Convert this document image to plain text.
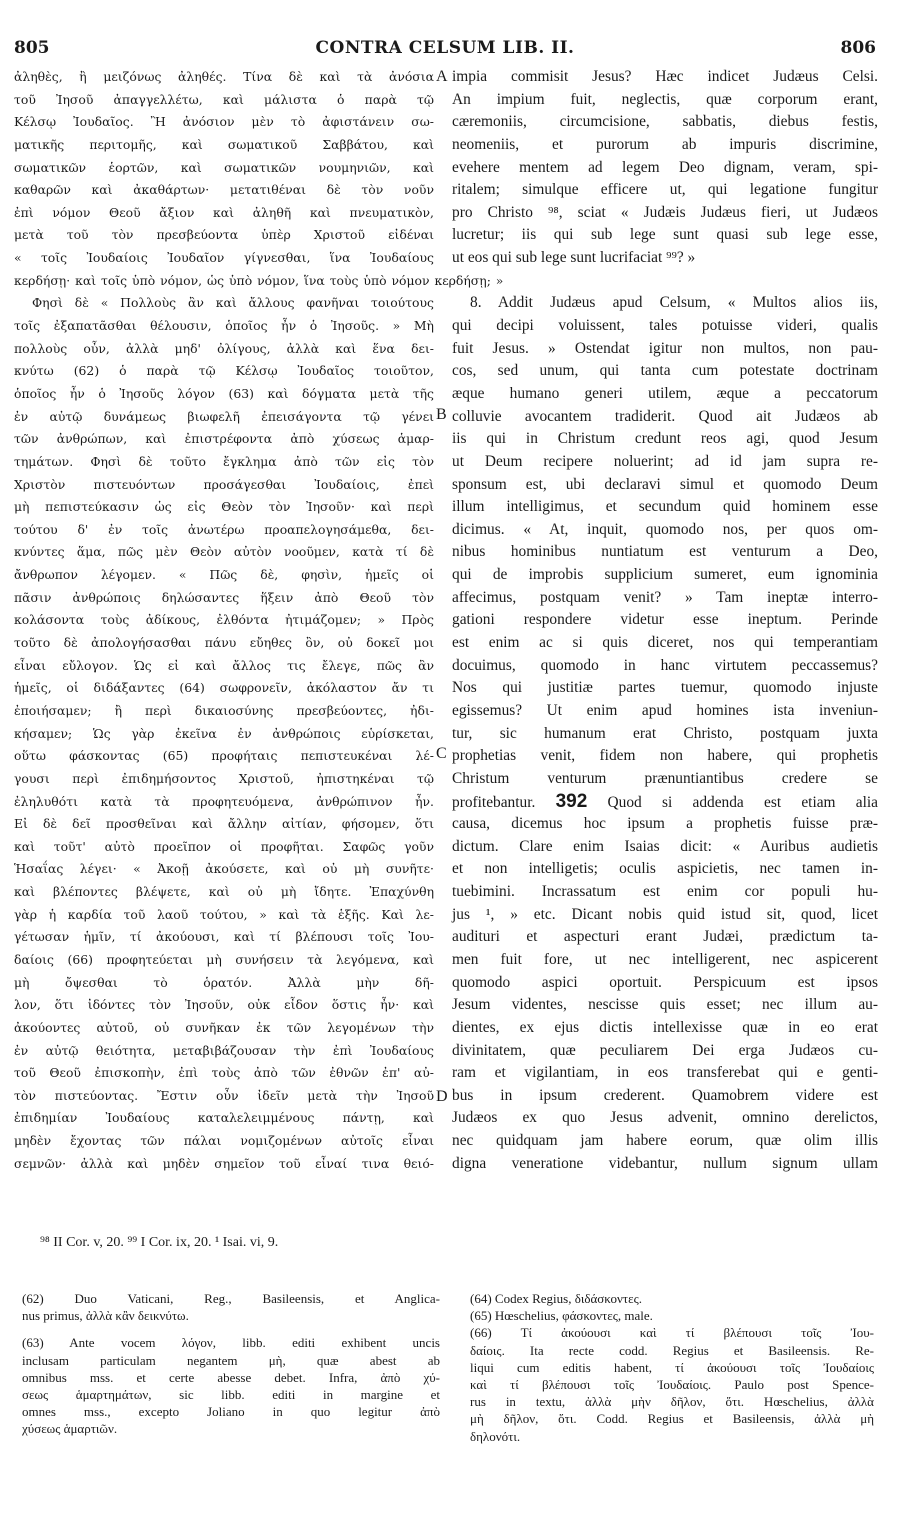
805	CONTRA CELSUM LIB. II.	806
ἀληθὲς, ἢ μειζόνως ἀληθές. Τίνα δὲ καὶ τὰ ἀνόσια
τοῦ Ἰησοῦ ἀπαγγελλέτω, καὶ μάλιστα ὁ παρὰ τῷ
Κέλσῳ Ἰουδαῖος. Ἢ ἀνόσιον μὲν τὸ ἀφιστάνειν σω-
ματικῆς περιτομῆς, καὶ σωματικοῦ Σαββάτου, καὶ
σωματικῶν ἑορτῶν, καὶ σωματικῶν νουμηνιῶν, καὶ
καθαρῶν καὶ ἀκαθάρτων· μετατιθέναι δὲ τὸν νοῦν
ἐπὶ νόμον Θεοῦ ἄξιον καὶ ἀληθῆ καὶ πνευματικὸν,
μετὰ τοῦ τὸν πρεσβεύοντα ὑπὲρ Χριστοῦ εἰδέναι
« τοῖς Ἰουδαίοις Ἰουδαῖον γίγνεσθαι, ἵνα Ἰουδαίους
κερδήσῃ· καὶ τοῖς ὑπὸ νόμον, ὡς ὑπὸ νόμον, ἵνα τοὺς ὑπὸ νόμον κερδήσῃ; »
Φησὶ δὲ « Πολλοὺς ἂν καὶ ἄλλους φανῆναι τοιούτους
τοῖς ἐξαπατᾶσθαι θέλουσιν, ὁποῖος ἦν ὁ Ἰησοῦς. » Μὴ
πολλοὺς οὖν, ἀλλὰ μηδ' ὀλίγους, ἀλλὰ καὶ ἕνα δει-
κνύτω (62) ὁ παρὰ τῷ Κέλσῳ Ἰουδαῖος τοιοῦτον,
ὁποῖος ἦν ὁ Ἰησοῦς λόγον (63) καὶ δόγματα μετὰ τῆς
ἐν αὐτῷ δυνάμεως βιωφελῆ ἐπεισάγοντα τῷ γένει
τῶν ἀνθρώπων, καὶ ἐπιστρέφοντα ἀπὸ χύσεως ἁμαρ-
τημάτων. Φησὶ δὲ τοῦτο ἔγκλημα ἀπὸ τῶν εἰς τὸν
Χριστὸν πιστευόντων προσάγεσθαι Ἰουδαίοις, ἐπεὶ
μὴ πεπιστεύκασιν ὡς εἰς Θεὸν τὸν Ἰησοῦν· καὶ περὶ
τούτου δ' ἐν τοῖς ἀνωτέρω προαπελογησάμεθα, δει-
κνύντες ἅμα, πῶς μὲν Θεὸν αὐτὸν νοοῦμεν, κατὰ τί δὲ
ἄνθρωπον λέγομεν. « Πῶς δὲ, φησὶν, ἡμεῖς οἱ
πᾶσιν ἀνθρώποις δηλώσαντες ἥξειν ἀπὸ Θεοῦ τὸν
κολάσοντα τοὺς ἀδίκους, ἐλθόντα ἠτιμάζομεν; » Πρὸς
τοῦτο δὲ ἀπολογήσασθαι πάνυ εὔηθες ὂν, οὐ δοκεῖ μοι
εἶναι εὔλογον. Ὡς εἰ καὶ ἄλλος τις ἔλεγε, πῶς ἂν
ἡμεῖς, οἱ διδάξαντες (64) σωφρονεῖν, ἀκόλαστον ἄν τι
ἐποιήσαμεν; ἢ περὶ δικαιοσύνης πρεσβεύοντες, ἠδι-
κήσαμεν; Ὡς γὰρ ἐκεῖνα ἐν ἀνθρώποις εὑρίσκεται,
οὕτω φάσκοντας (65) προφήταις πεπιστευκέναι λέ-
γουσι περὶ ἐπιδημήσοντος Χριστοῦ, ἠπιστηκέναι τῷ
ἐληλυθότι κατὰ τὰ προφητευόμενα, ἀνθρώπινον ἦν.
Εἰ δὲ δεῖ προσθεῖναι καὶ ἄλλην αἰτίαν, φήσομεν, ὅτι
καὶ τοῦτ' αὐτὸ προεῖπον οἱ προφῆται. Σαφῶς γοῦν
Ἡσαΐας λέγει· « Ἀκοῇ ἀκούσετε, καὶ οὐ μὴ συνῆτε·
καὶ βλέποντες βλέψετε, καὶ οὐ μὴ ἴδητε. Ἐπαχύνθη
γὰρ ἡ καρδία τοῦ λαοῦ τούτου, » καὶ τὰ ἑξῆς. Καὶ λε-
γέτωσαν ἡμῖν, τί ἀκούουσι, καὶ τί βλέπουσι τοῖς Ἰου-
δαίοις (66) προφητεύεται μὴ συνήσειν τὰ λεγόμενα, καὶ
μὴ ὄψεσθαι τὸ ὁρατόν. Ἀλλὰ μὴν δῆ-
λον, ὅτι ἰδόντες τὸν Ἰησοῦν, οὐκ εἶδον ὅστις ἦν· καὶ
ἀκούοντες αὐτοῦ, οὐ συνῆκαν ἐκ τῶν λεγομένων τὴν
ἐν αὐτῷ θειότητα, μεταβιβάζουσαν τὴν ἐπὶ Ἰουδαίους
τοῦ Θεοῦ ἐπισκοπὴν, ἐπὶ τοὺς ἀπὸ τῶν ἐθνῶν ἐπ' αὐ-
τὸν πιστεύοντας. Ἔστιν οὖν ἰδεῖν μετὰ τὴν Ἰησοῦ
ἐπιδημίαν Ἰουδαίους καταλελειμμένους πάντῃ, καὶ
μηδὲν ἔχοντας τῶν πάλαι νομιζομένων αὐτοῖς εἶναι
σεμνῶν· ἀλλὰ καὶ μηδὲν σημεῖον τοῦ εἶναί τινα θειό-
impia commisit Jesus? Hæc indicet Judæus Celsi.
An impium fuit, neglectis, quæ corporum erant,
cæremoniis, circumcisione, sabbatis, diebus festis,
neomeniis, et purorum ab impuris discrimine,
evehere mentem ad legem Deo dignam, veram, spi-
ritalem; simulque efficere ut, qui legatione fungitur
pro Christo ⁹⁸, sciat « Judæis Judæus fieri, ut Judæos
lucretur; iis qui sub lege sunt quasi sub lege esse,
ut eos qui sub lege sunt lucrifaciat ⁹⁹? »
8. Addit Judæus apud Celsum, « Multos alios iis,
qui decipi voluissent, tales potuisse videri, qualis
fuit Jesus. » Ostendat igitur non multos, non pau-
cos, sed unum, qui tanta cum potestate doctrinam
æque humano generi utilem, æque a peccatorum
colluvie avocantem tradiderit. Quod ait Judæos ab
iis qui in Christum credunt reos agi, quod Jesum
ut Deum recipere noluerint; ad id jam supra re-
sponsum est, ubi declaravi simul et quomodo Deum
illum intelligimus, et secundum quid hominem esse
dicimus. « At, inquit, quomodo nos, per quos om-
nibus hominibus nuntiatum est venturum a Deo,
qui de improbis supplicium sumeret, eum ignominia
affecimus, postquam venit? » Tam ineptæ interro-
gationi respondere videtur esse ineptum. Perinde
est enim ac si quis diceret, nos qui temperantiam
docuimus, quomodo in hanc virtutem peccassemus?
Nos qui justitiæ partes tuemur, quomodo injuste
egissemus? Ut enim apud homines ista inveniun-
tur, sic humanum erat Christo, postquam juxta
prophetias venit, fidem non habere, qui prophetis
Christum venturum prænuntiantibus credere se
profitebantur. 392 Quod si addenda est etiam alia
causa, dicemus hoc ipsum a prophetis fuisse præ-
dictum. Clare enim Isaias dicit: « Auribus audietis
et non intelligetis; oculis aspicietis, nec tamen in-
tuebimini. Incrassatum est enim cor populi hu-
jus ¹, » etc. Dicant nobis quid istud sit, quod, licet
audituri et aspecturi erant Judæi, prædictum ta-
men fuit fore, ut nec intelligerent, nec aspicerent
quomodo aspici oportuit. Perspicuum est ipsos
Jesum videntes, nescisse quis esset; nec illum au-
dientes, ex ejus dictis intellexisse quæ in eo erat
divinitatem, quæ peculiarem Dei erga Judæos cu-
ram et vigilantiam, in eos transferebat qui e genti-
bus in ipsum crederent. Quamobrem videre est
Judæos ex quo Jesus advenit, omnino derelictos,
nec quidquam jam habere eorum, quæ olim illis
digna veneratione videbantur, nullum signum ullam
A
B
C
D
⁹⁸ II Cor. v, 20. ⁹⁹ I Cor. ix, 20. ¹ Isai. vi, 9.
(62) Duo Vaticani, Reg., Basileensis, et Anglica-
nus primus, ἀλλὰ κἂν δεικνύτω.
(63) Ante vocem λόγον, libb. editi exhibent uncis
inclusam particulam negantem μὴ, quæ abest ab
omnibus mss. et certe abesse debet. Infra, ἀπὸ χύ-
σεως ἁμαρτημάτων, sic libb. editi in margine et
omnes mss., excepto Joliano in quo legitur ἀπὸ
χύσεως ἁμαρτιῶν.
(64) Codex Regius, διδάσκοντες.
(65) Hœschelius, φάσκοντες, male.
(66) Τί ἀκούουσι καὶ τί βλέπουσι τοῖς Ἰου-
δαίοις. Ita recte codd. Regius et Basileensis. Re-
liqui cum editis habent, τί ἀκούουσι τοῖς Ἰουδαίοις
καὶ τί βλέπουσι τοῖς Ἰουδαίοις. Paulo post Spence-
rus in textu, ἀλλὰ μὴν δῆλον, ὅτι. Hœschelius, ἀλλὰ
μὴ δῆλον, ὅτι. Codd. Regius et Basileensis, ἀλλὰ μὴ
δηλονότι.
